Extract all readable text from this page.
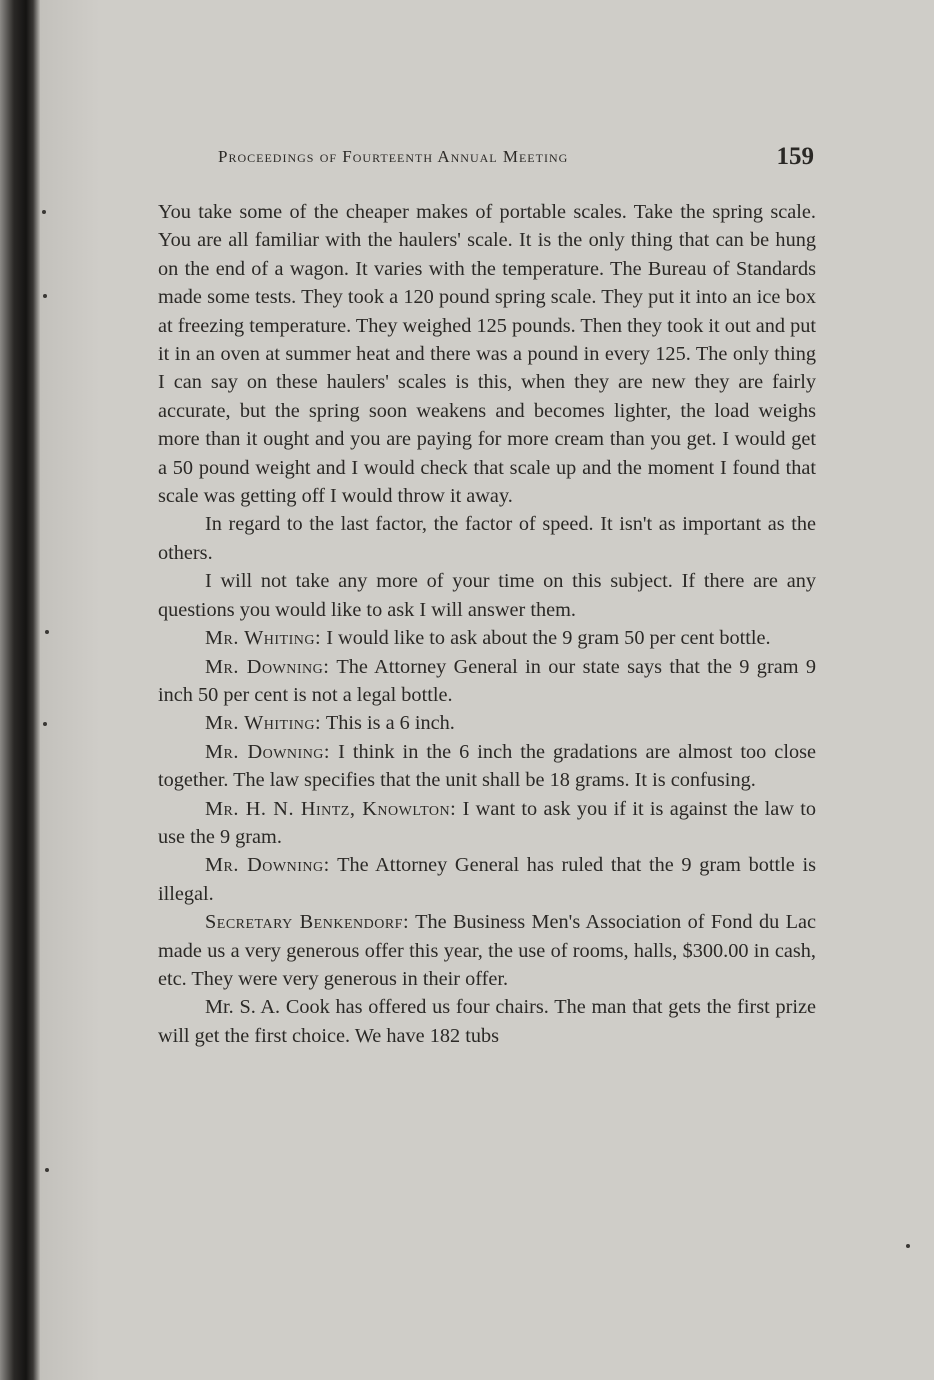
Proceedings of Fourteenth Annual Meeting	159

You take some of the cheaper makes of portable scales. Take the spring scale. You are all familiar with the haulers' scale. It is the only thing that can be hung on the end of a wagon. It varies with the temperature. The Bureau of Standards made some tests. They took a 120 pound spring scale. They put it into an ice box at freezing temperature. They weighed 125 pounds. Then they took it out and put it in an oven at summer heat and there was a pound in every 125. The only thing I can say on these haulers' scales is this, when they are new they are fairly accurate, but the spring soon weakens and becomes lighter, the load weighs more than it ought and you are paying for more cream than you get. I would get a 50 pound weight and I would check that scale up and the moment I found that scale was getting off I would throw it away.

In regard to the last factor, the factor of speed. It isn't as important as the others.

I will not take any more of your time on this subject. If there are any questions you would like to ask I will answer them.

Mr. Whiting: I would like to ask about the 9 gram 50 per cent bottle.

Mr. Downing: The Attorney General in our state says that the 9 gram 9 inch 50 per cent is not a legal bottle.

Mr. Whiting: This is a 6 inch.

Mr. Downing: I think in the 6 inch the gradations are almost too close together. The law specifies that the unit shall be 18 grams. It is confusing.

Mr. H. N. Hintz, Knowlton: I want to ask you if it is against the law to use the 9 gram.

Mr. Downing: The Attorney General has ruled that the 9 gram bottle is illegal.

Secretary Benkendorf: The Business Men's Association of Fond du Lac made us a very generous offer this year, the use of rooms, halls, $300.00 in cash, etc. They were very generous in their offer.

Mr. S. A. Cook has offered us four chairs. The man that gets the first prize will get the first choice. We have 182 tubs
